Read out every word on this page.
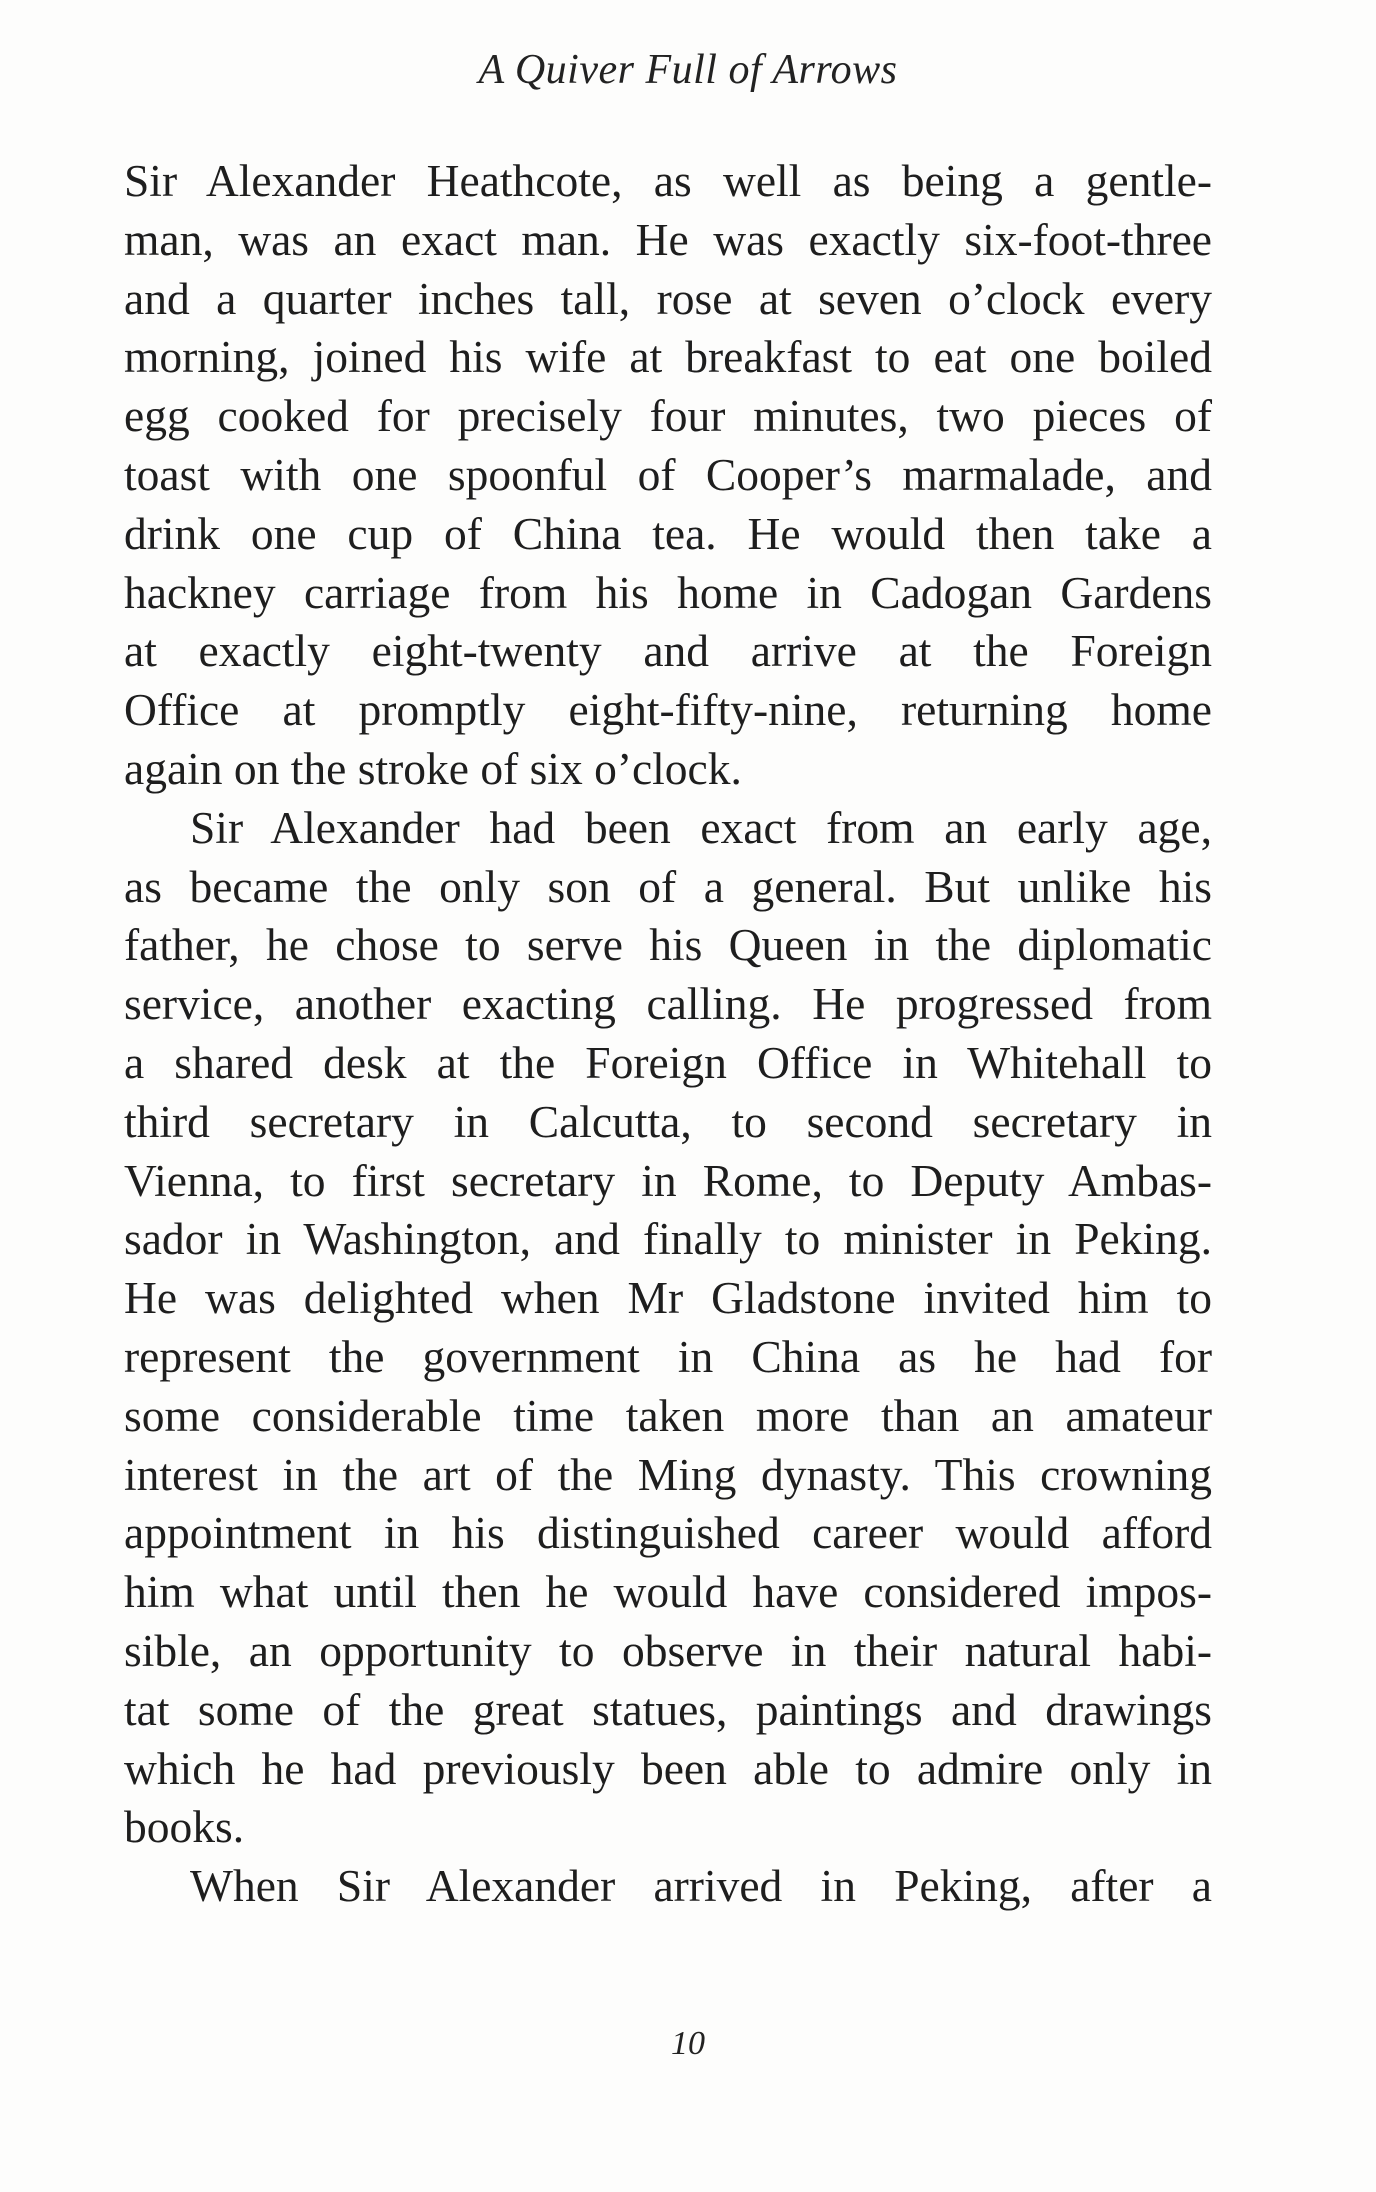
A Quiver Full of Arrows

Sir Alexander Heathcote, as well as being a gentle-
man, was an exact man. He was exactly six-foot-three
and a quarter inches tall, rose at seven o’clock every
morning, joined his wife at breakfast to eat one boiled
egg cooked for precisely four minutes, two pieces of
toast with one spoonful of Cooper’s marmalade, and
drink one cup of China tea. He would then take a
hackney carriage from his home in Cadogan Gardens
at exactly eight-twenty and arrive at the Foreign
Office at promptly eight-fifty-nine, returning home
again on the stroke of six o’clock.

Sir Alexander had been exact from an early age,
as became the only son of a general. But unlike his
father, he chose to serve his Queen in the diplomatic
service, another exacting calling. He progressed from
a shared desk at the Foreign Office in Whitehall to
third secretary in Calcutta, to second secretary in
Vienna, to first secretary in Rome, to Deputy Ambas-
sador in Washington, and finally to minister in Peking.
He was delighted when Mr Gladstone invited him to
represent the government in China as he had for
some considerable time taken more than an amateur
interest in the art of the Ming dynasty. This crowning
appointment in his distinguished career would afford
him what until then he would have considered impos-
sible, an opportunity to observe in their natural habi-
tat some of the great statues, paintings and drawings
which he had previously been able to admire only in
books.

When Sir Alexander arrived in Peking, after a

10
